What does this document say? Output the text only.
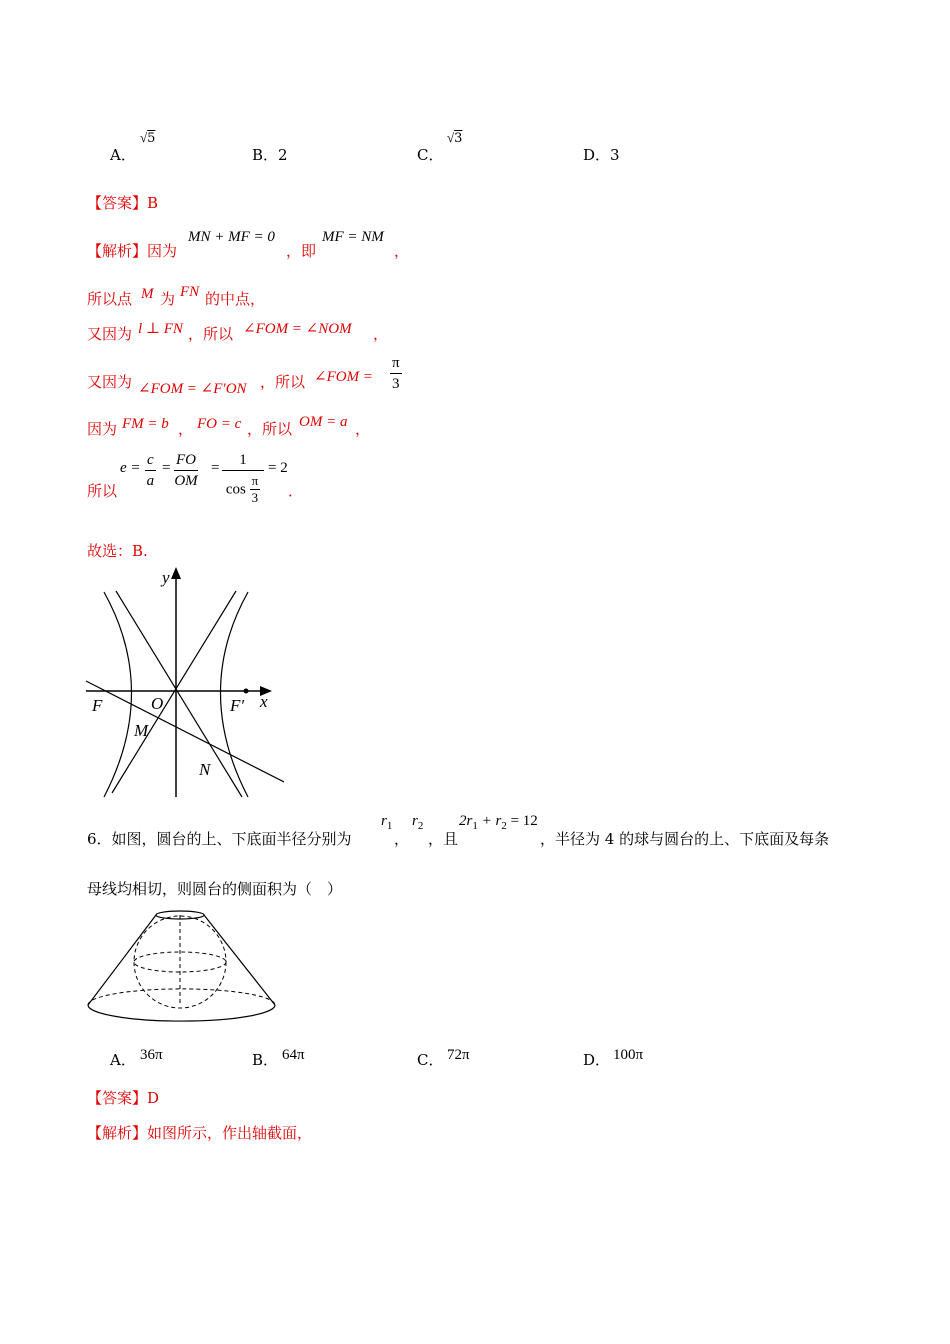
A．
√5
B．2	C．
√3
D．3
【答案】B
【解析】因为
MN + MF = 0
，即
MF = NM
，
所以点 M 为 FN 的中点，
又因为 l ⊥ FN ，所以 ∠FOM = ∠NOM ，
又因为 ∠FOM = ∠F′ON ，所以 ∠FOM = $\frac{\pi}{3}$
因为 FM = b ， FO = c ，所以 OM = a ，
所以
$e = \frac{c}{a} = \frac{FO}{OM} = \frac{1}{\cos \frac{\pi}{3}} = 2$
．
故选：B.
y
x
F	O	F′
M
N
6．如图，圆台的上、下底面半径分别为
$r_1$
，
$r_2$
，且
$2r_1 + r_2 = 12$
，半径为 4 的球与圆台的上、下底面及每条
母线均相切，则圆台的侧面积为（　）
A． 36π	B． 64π	C． 72π	D． 100π
【答案】D
【解析】如图所示，作出轴截面，
